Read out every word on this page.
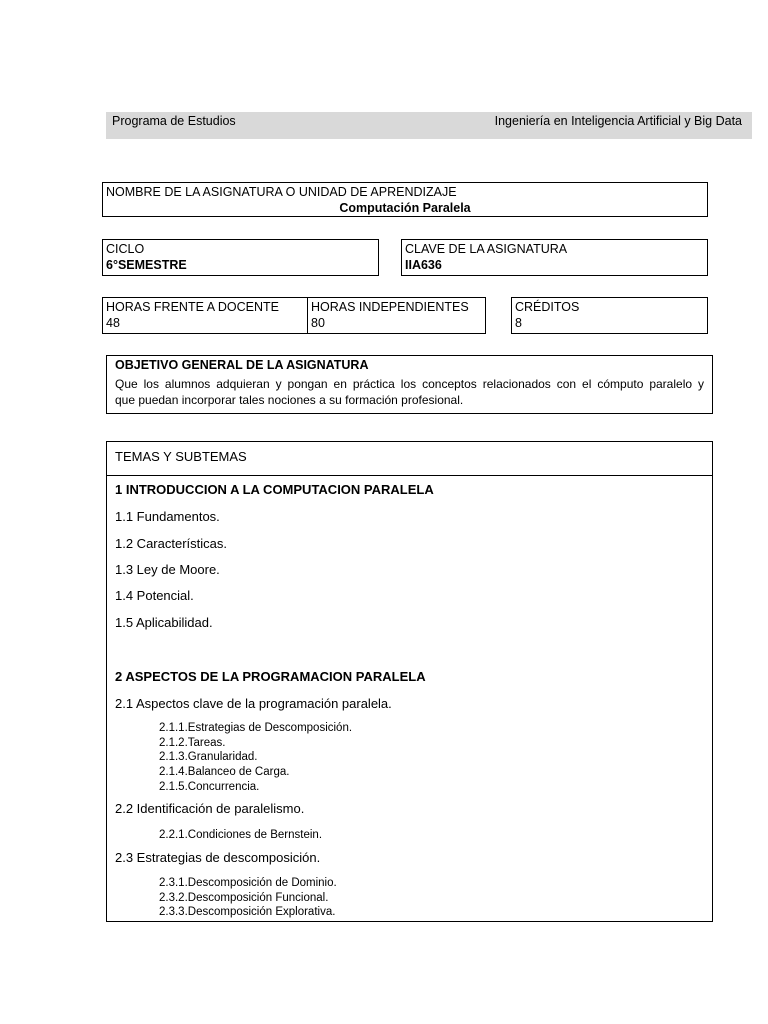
Programa de Estudios	Ingeniería en Inteligencia Artificial y Big Data
NOMBRE DE LA ASIGNATURA O UNIDAD DE APRENDIZAJE
Computación Paralela
CICLO
6°SEMESTRE
CLAVE DE LA ASIGNATURA
IIA636
HORAS FRENTE A DOCENTE
48
HORAS INDEPENDIENTES
80
CRÉDITOS
8
OBJETIVO GENERAL DE LA ASIGNATURA
Que los alumnos adquieran y pongan en práctica los conceptos relacionados con el cómputo paralelo y
que puedan incorporar tales nociones a su formación profesional.
TEMAS Y SUBTEMAS
1 INTRODUCCION A LA COMPUTACION PARALELA
1.1 Fundamentos.
1.2 Características.
1.3 Ley de Moore.
1.4 Potencial.
1.5 Aplicabilidad.
2 ASPECTOS DE LA PROGRAMACION PARALELA
2.1 Aspectos clave de la programación paralela.
2.1.1.Estrategias de Descomposición.
2.1.2.Tareas.
2.1.3.Granularidad.
2.1.4.Balanceo de Carga.
2.1.5.Concurrencia.
2.2 Identificación de paralelismo.
2.2.1.Condiciones de Bernstein.
2.3 Estrategias de descomposición.
2.3.1.Descomposición de Dominio.
2.3.2.Descomposición Funcional.
2.3.3.Descomposición Explorativa.
